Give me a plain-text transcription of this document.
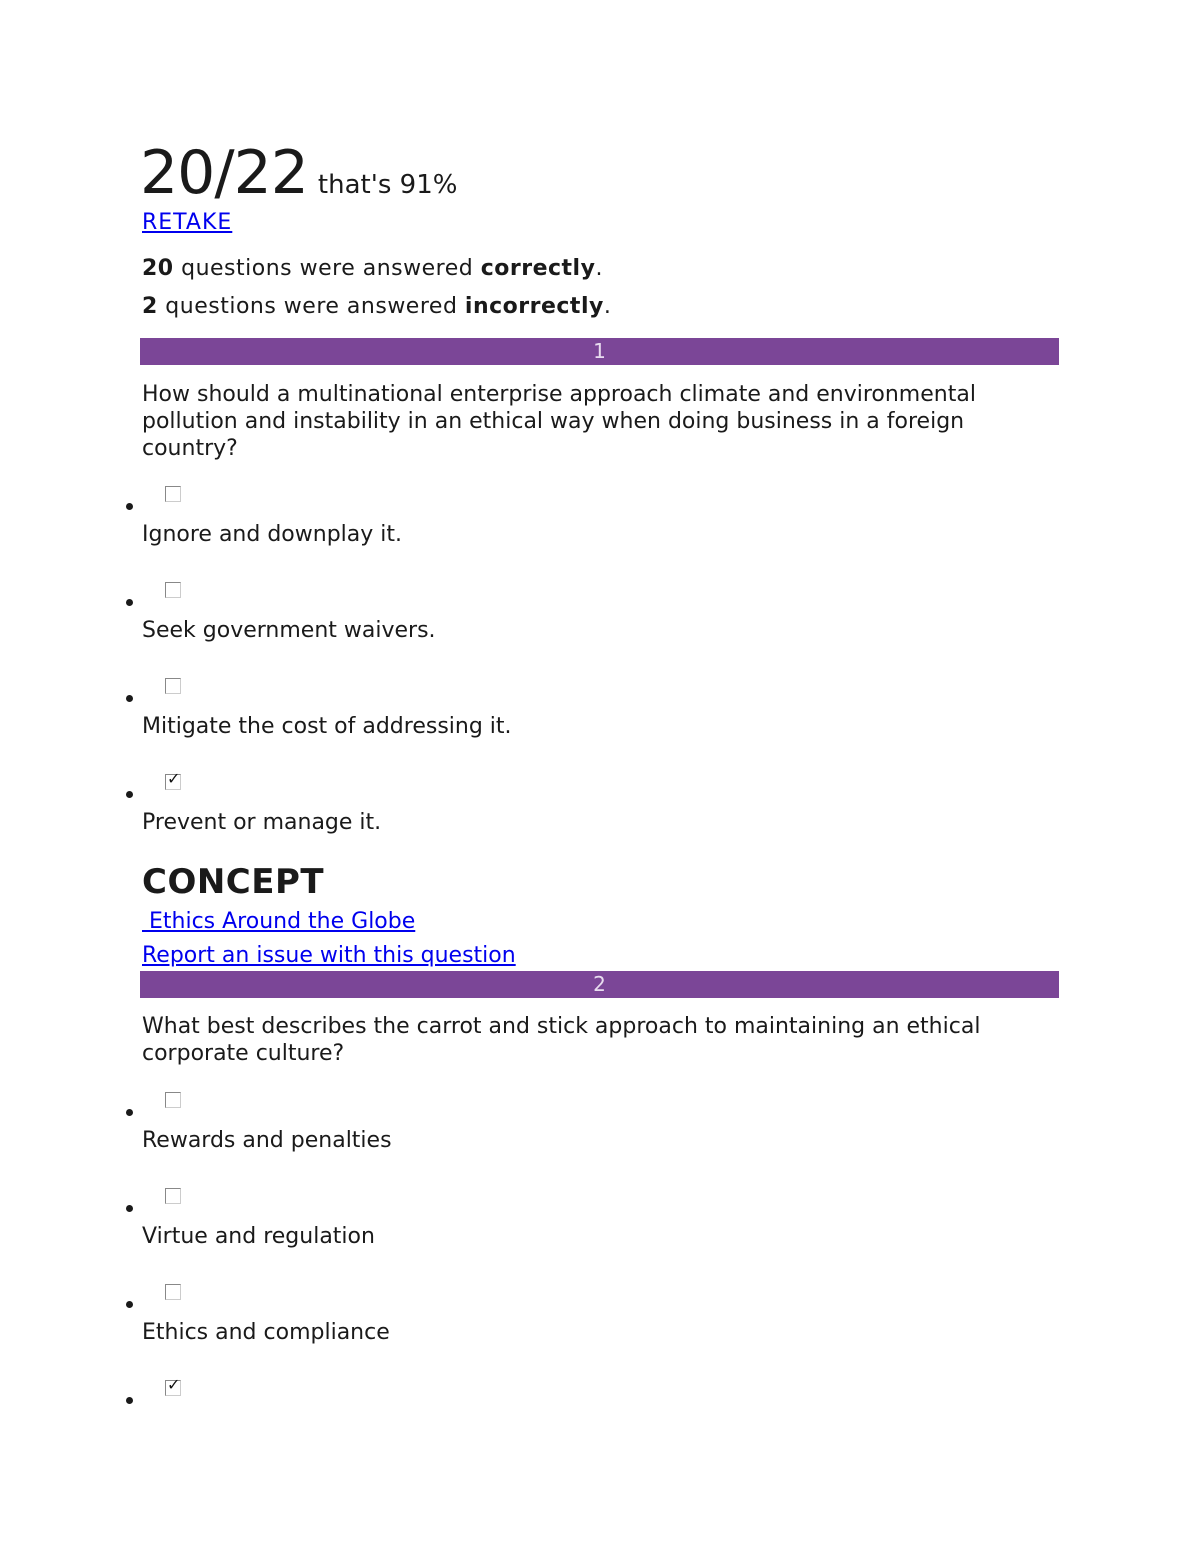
20/22 that's 91%
RETAKE
20 questions were answered correctly.
2 questions were answered incorrectly.
1
How should a multinational enterprise approach climate and environmental pollution and instability in an ethical way when doing business in a foreign country?
Ignore and downplay it.
Seek government waivers.
Mitigate the cost of addressing it.
✓
Prevent or manage it.
CONCEPT
Ethics Around the Globe
Report an issue with this question
2
What best describes the carrot and stick approach to maintaining an ethical corporate culture?
Rewards and penalties
Virtue and regulation
Ethics and compliance
✓
